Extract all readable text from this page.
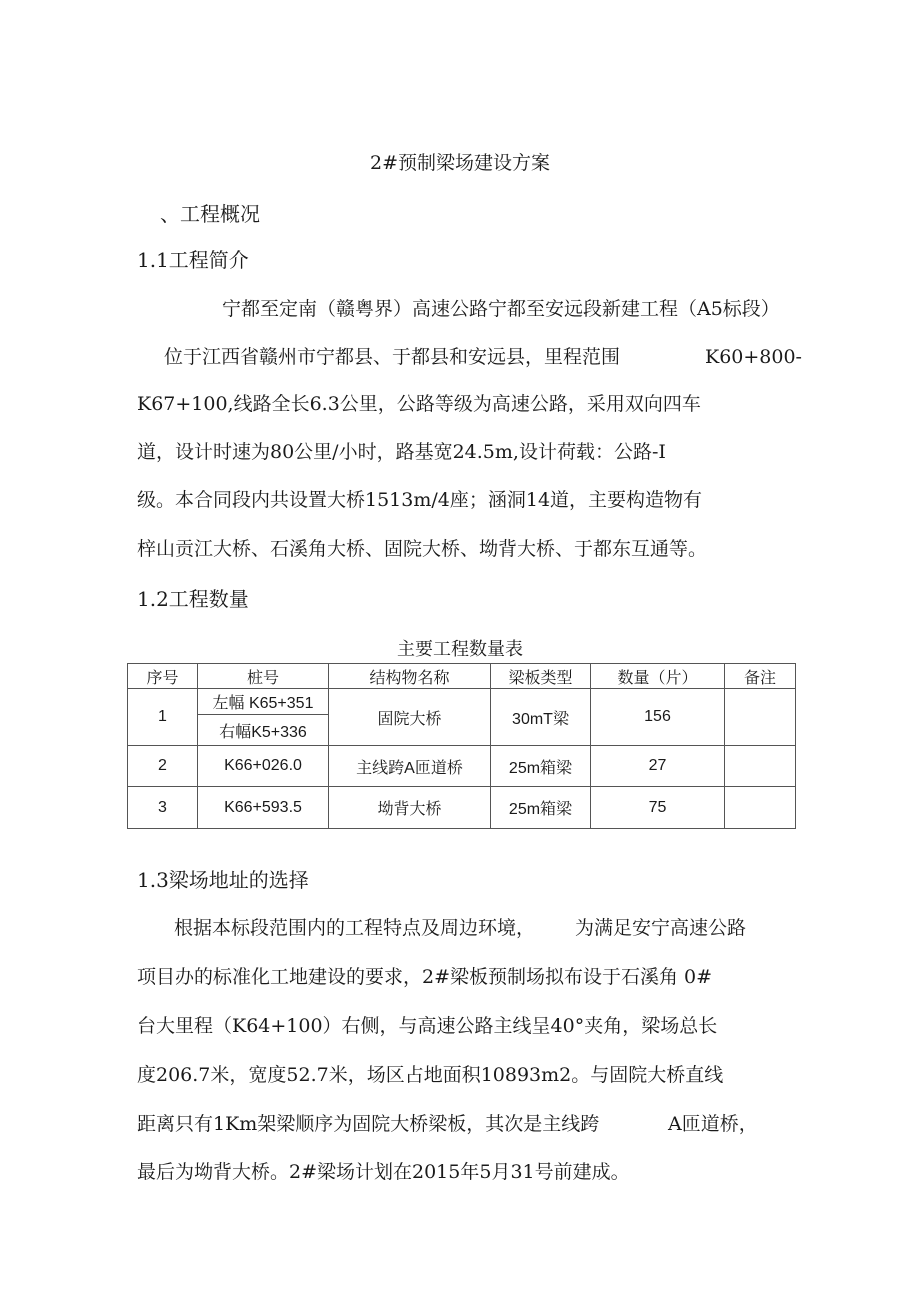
2#预制梁场建设方案
、工程概况
1.1工程简介
宁都至定南（赣粤界）高速公路宁都至安远段新建工程（A5标段）
位于江西省赣州市宁都县、于都县和安远县，里程范围	K60+800-
K67+100,线路全长6.3公里，公路等级为高速公路，采用双向四车
道，设计时速为80公里/小时，路基宽24.5m,设计荷载：公路-I
级。本合同段内共设置大桥1513m/4座；涵洞14道，主要构造物有
梓山贡江大桥、石溪角大桥、固院大桥、坳背大桥、于都东互通等。
1.2工程数量
主要工程数量表
序号	桩号	结构物名称	梁板类型	数量（片）	备注
1	左幅 K65+351	固院大桥	30mT梁	156	
	右幅K5+336				
2	K66+026.0	主线跨A匝道桥	25m箱梁	27	
3	K66+593.5	坳背大桥	25m箱梁	75	
1.3梁场地址的选择
根据本标段范围内的工程特点及周边环境， 为满足安宁高速公路
项目办的标准化工地建设的要求，2#梁板预制场拟布设于石溪角 0#
台大里程（K64+100）右侧，与高速公路主线呈40°夹角，梁场总长
度206.7米，宽度52.7米，场区占地面积10893m2。与固院大桥直线
距离只有1Km架梁顺序为固院大桥梁板，其次是主线跨	A匝道桥，
最后为坳背大桥。2#梁场计划在2015年5月31号前建成。
